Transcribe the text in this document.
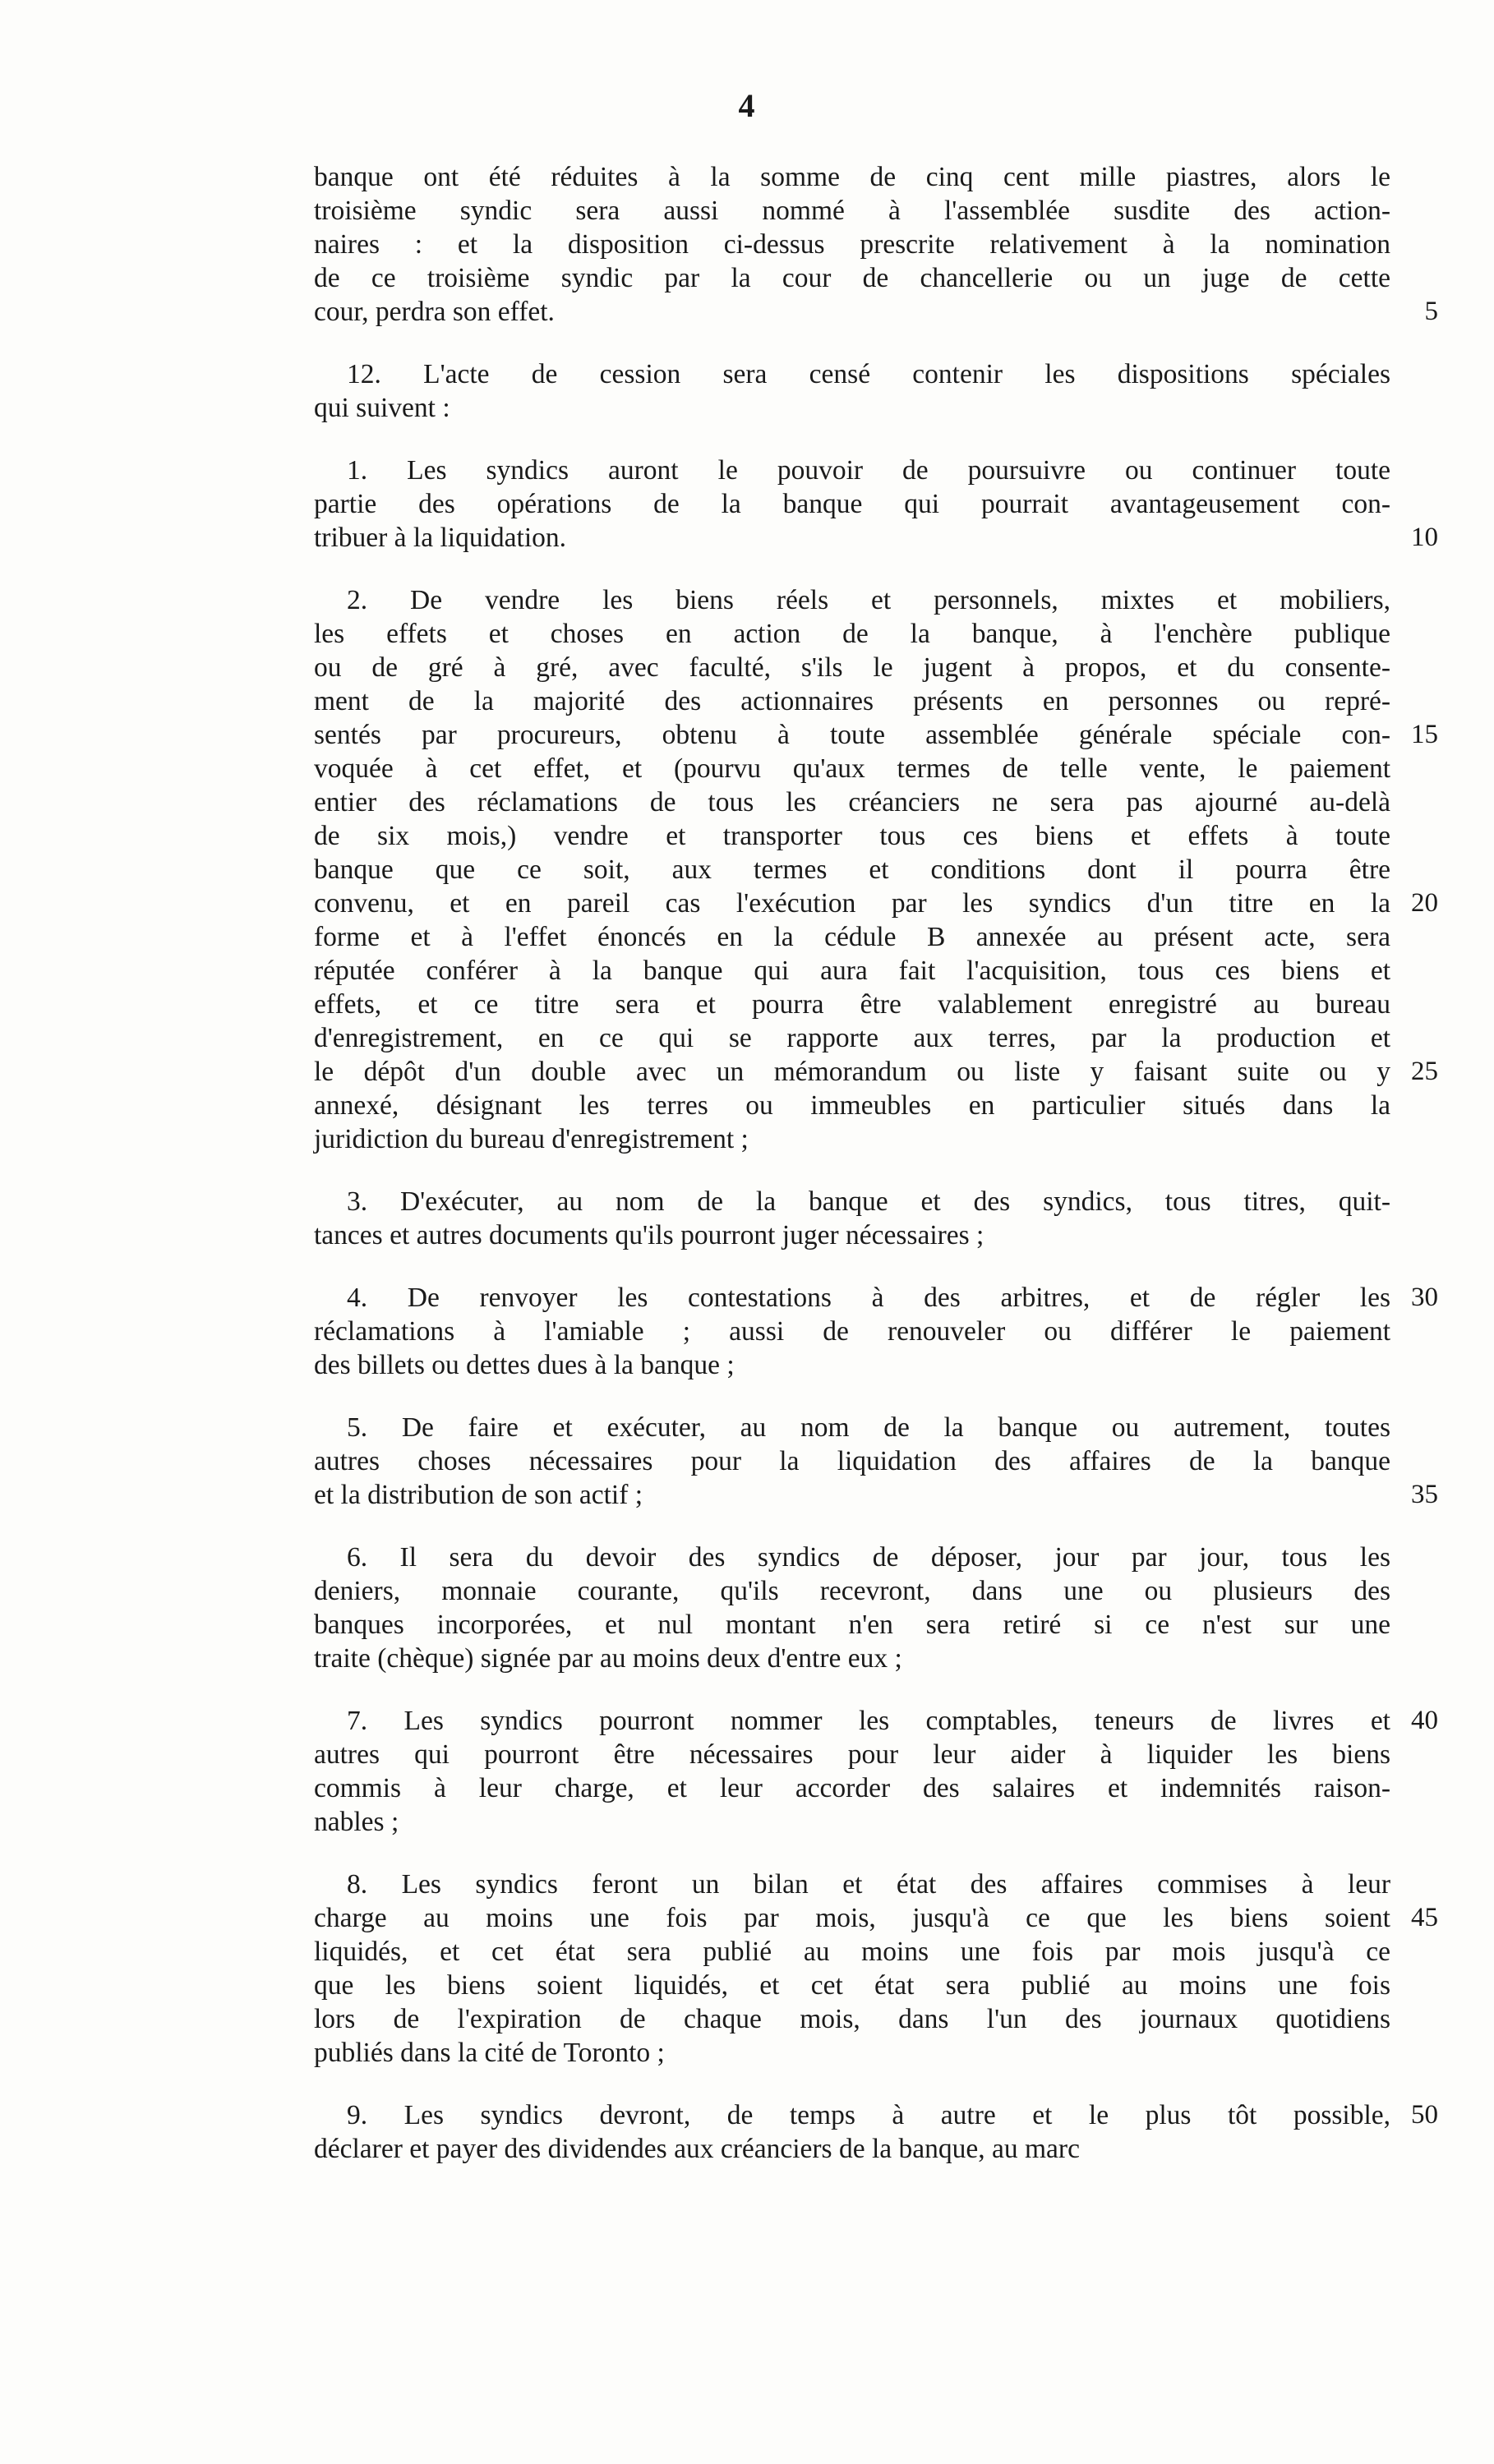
4
banque ont été réduites à la somme de cinq cent mille piastres, alors le
troisième syndic sera aussi nommé à l'assemblée susdite des action-
naires : et la disposition ci-dessus prescrite relativement à la nomination
de ce troisième syndic par la cour de chancellerie ou un juge de cette
cour, perdra son effet.	5
12. L'acte de cession sera censé contenir les dispositions spéciales
qui suivent :
1. Les syndics auront le pouvoir de poursuivre ou continuer toute
partie des opérations de la banque qui pourrait avantageusement con-
tribuer à la liquidation.	10
2. De vendre les biens réels et personnels, mixtes et mobiliers,
les effets et choses en action de la banque, à l'enchère publique
ou de gré à gré, avec faculté, s'ils le jugent à propos, et du consente-
ment de la majorité des actionnaires présents en personnes ou repré-
sentés par procureurs, obtenu à toute assemblée générale spéciale con- 15
voquée à cet effet, et (pourvu qu'aux termes de telle vente, le paiement
entier des réclamations de tous les créanciers ne sera pas ajourné au-delà
de six mois,) vendre et transporter tous ces biens et effets à toute
banque que ce soit, aux termes et conditions dont il pourra être
convenu, et en pareil cas l'exécution par les syndics d'un titre en la 20
forme et à l'effet énoncés en la cédule B annexée au présent acte, sera
réputée conférer à la banque qui aura fait l'acquisition, tous ces biens et
effets, et ce titre sera et pourra être valablement enregistré au bureau
d'enregistrement, en ce qui se rapporte aux terres, par la production et
le dépôt d'un double avec un mémorandum ou liste y faisant suite ou y 25
annexé, désignant les terres ou immeubles en particulier situés dans la
juridiction du bureau d'enregistrement ;
3. D'exécuter, au nom de la banque et des syndics, tous titres, quit-
tances et autres documents qu'ils pourront juger nécessaires ;
4. De renvoyer les contestations à des arbitres, et de régler les 30
réclamations à l'amiable ; aussi de renouveler ou différer le paiement
des billets ou dettes dues à la banque ;
5. De faire et exécuter, au nom de la banque ou autrement, toutes
autres choses nécessaires pour la liquidation des affaires de la banque
et la distribution de son actif ;	35
6. Il sera du devoir des syndics de déposer, jour par jour, tous les
deniers, monnaie courante, qu'ils recevront, dans une ou plusieurs des
banques incorporées, et nul montant n'en sera retiré si ce n'est sur une
traite (chèque) signée par au moins deux d'entre eux ;
7. Les syndics pourront nommer les comptables, teneurs de livres et 40
autres qui pourront être nécessaires pour leur aider à liquider les biens
commis à leur charge, et leur accorder des salaires et indemnités raison-
nables ;
8. Les syndics feront un bilan et état des affaires commises à leur
charge au moins une fois par mois, jusqu'à ce que les biens soient 45
liquidés, et cet état sera publié au moins une fois par mois jusqu'à ce
que les biens soient liquidés, et cet état sera publié au moins une fois
lors de l'expiration de chaque mois, dans l'un des journaux quotidiens
publiés dans la cité de Toronto ;
9. Les syndics devront, de temps à autre et le plus tôt possible, 50
déclarer et payer des dividendes aux créanciers de la banque, au marc
